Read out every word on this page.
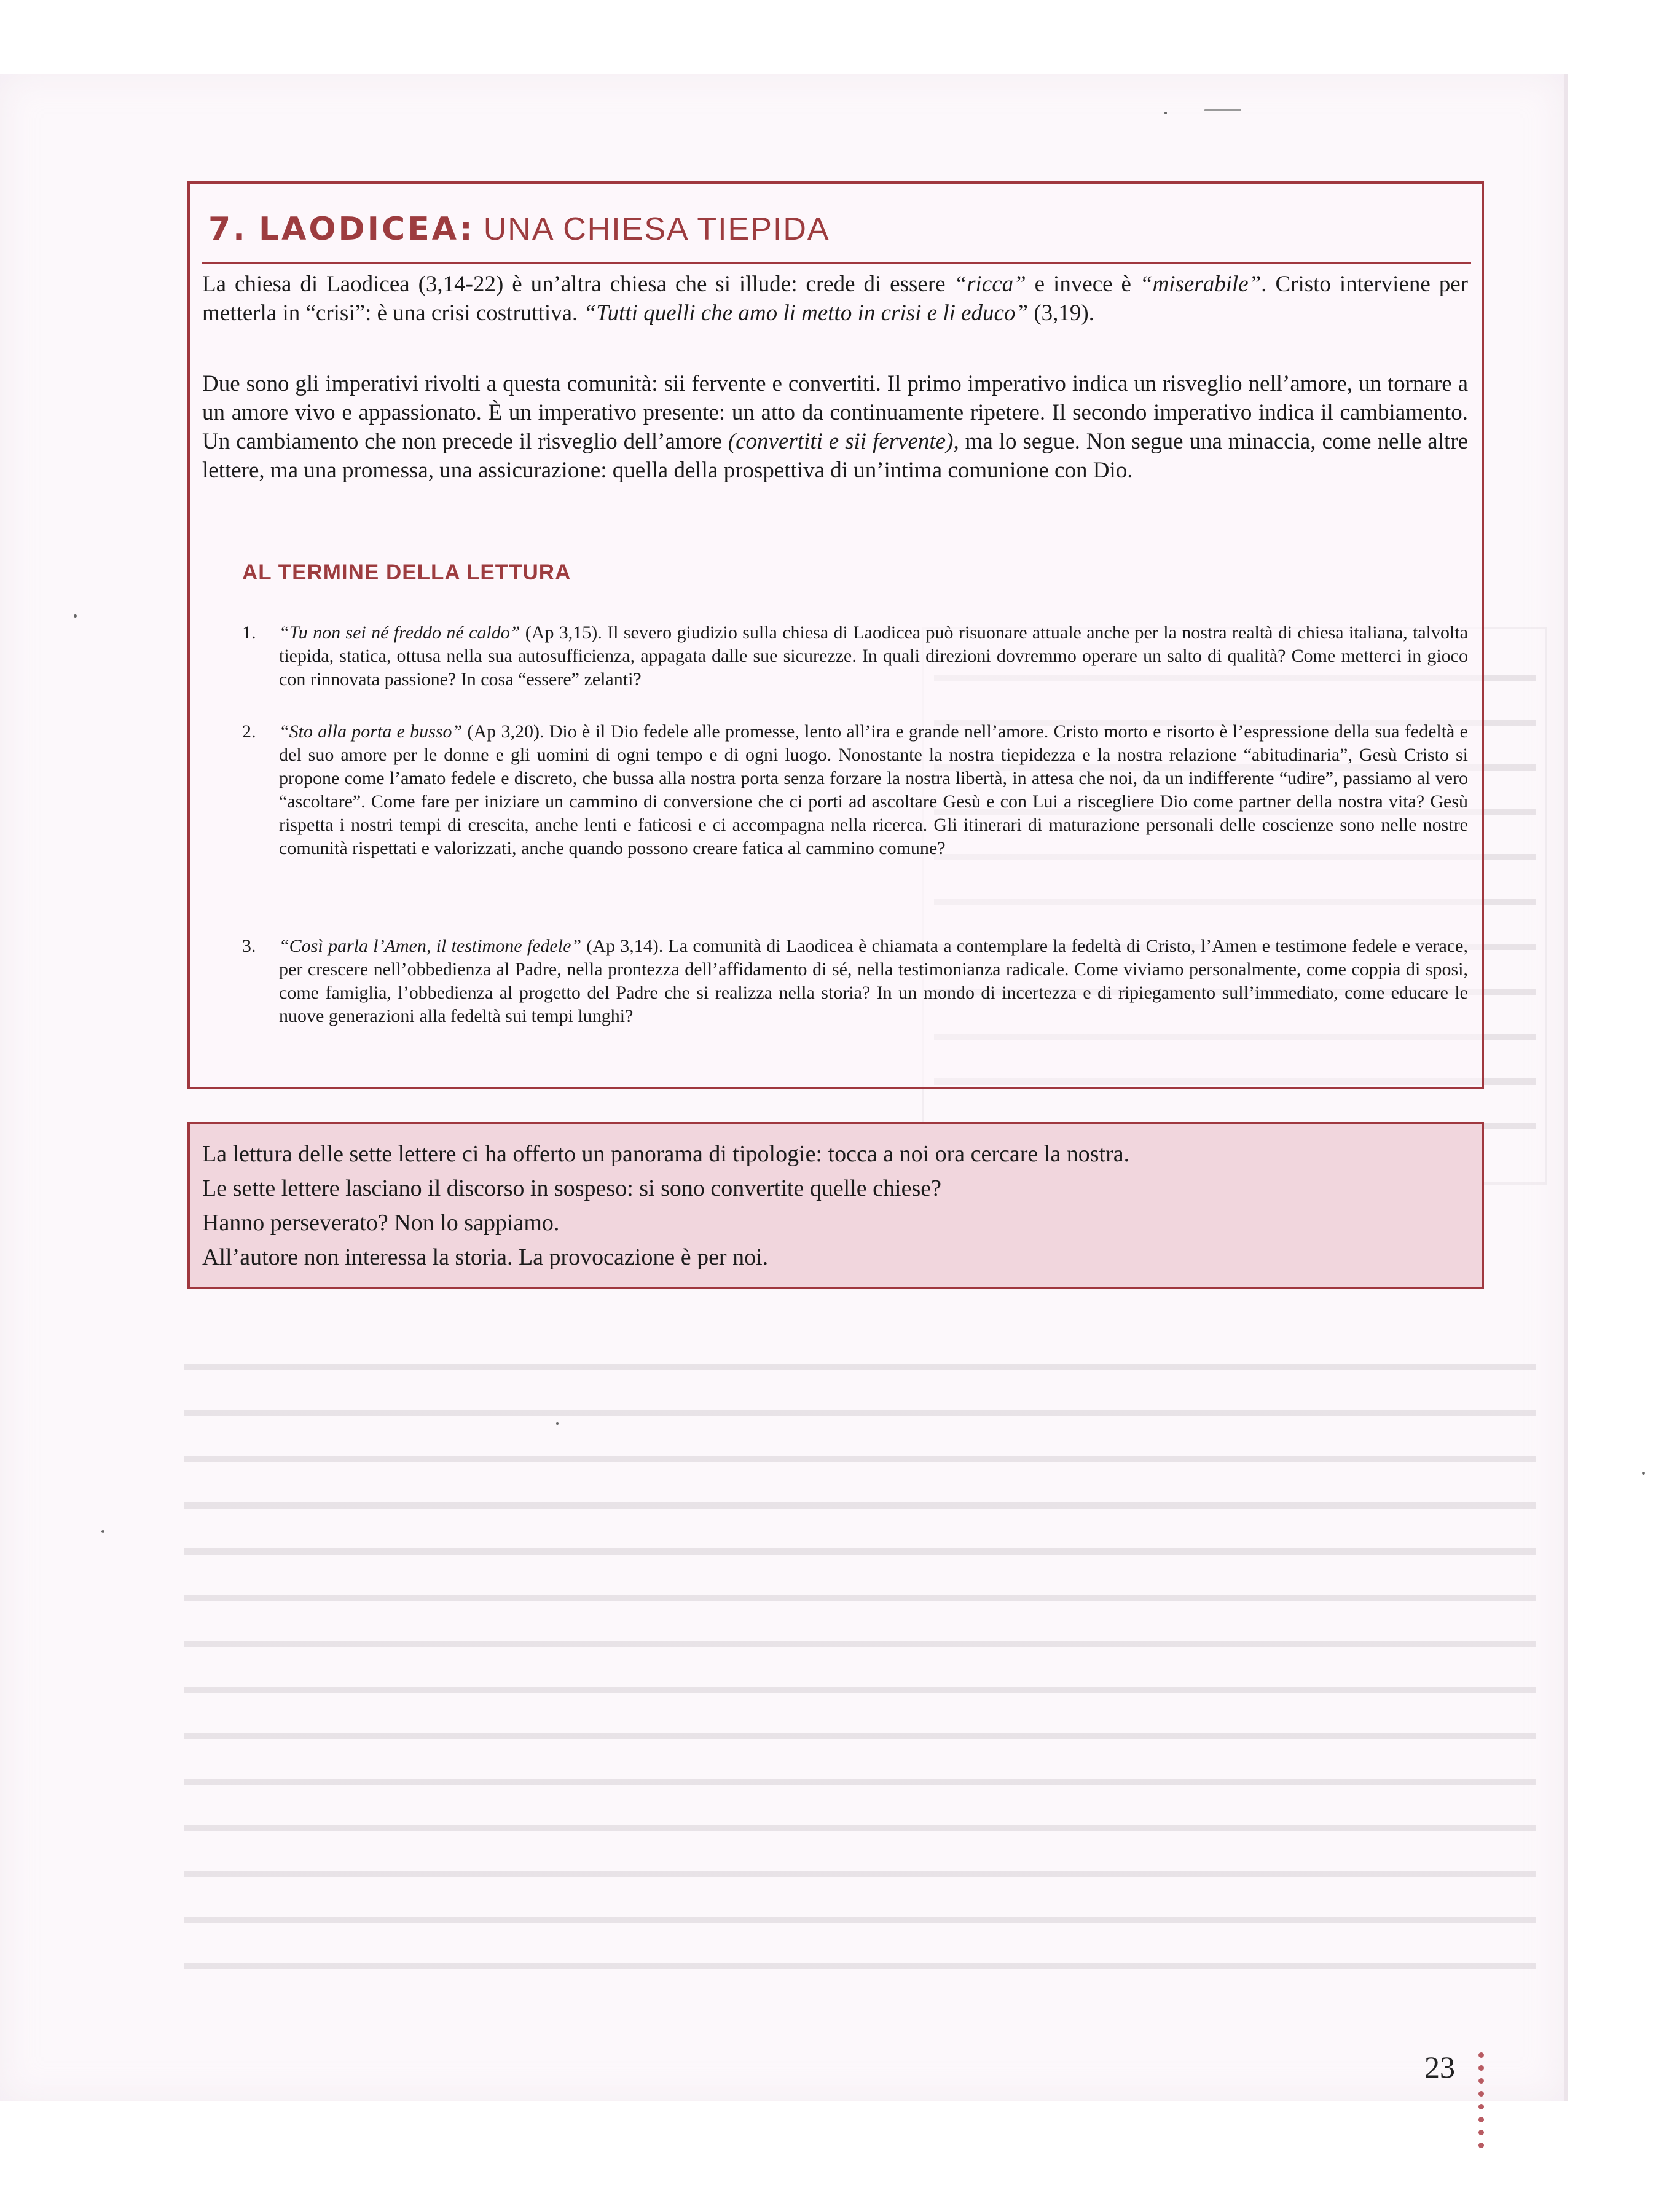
7. LAODICEA: UNA CHIESA TIEPIDA

La chiesa di Laodicea (3,14-22) è un’altra chiesa che si illude: crede di essere “ricca” e invece è “miserabile”. Cristo interviene per metterla in “crisi”: è una crisi costruttiva. “Tutti quelli che amo li metto in crisi e li educo” (3,19).

Due sono gli imperativi rivolti a questa comunità: sii fervente e convertiti. Il primo imperativo indica un risveglio nell’amore, un tornare a un amore vivo e appassionato. È un imperativo presente: un atto da continuamente ripetere. Il secondo imperativo indica il cambiamento. Un cambiamento che non precede il risveglio dell’amore (convertiti e sii fervente), ma lo segue. Non segue una minaccia, come nelle altre lettere, ma una promessa, una assicurazione: quella della prospettiva di un’intima comunione con Dio.

AL TERMINE DELLA LETTURA
1.	“Tu non sei né freddo né caldo” (Ap 3,15). Il severo giudizio sulla chiesa di Laodicea può risuonare attuale anche per la nostra realtà di chiesa italiana, talvolta tiepida, statica, ottusa nella sua autosufficienza, appagata dalle sue sicurezze. In quali direzioni dovremmo operare un salto di qualità? Come metterci in gioco con rinnovata passione? In cosa “essere” zelanti?
2.	“Sto alla porta e busso” (Ap 3,20). Dio è il Dio fedele alle promesse, lento all’ira e grande nell’amore. Cristo morto e risorto è l’espressione della sua fedeltà e del suo amore per le donne e gli uomini di ogni tempo e di ogni luogo. Nonostante la nostra tiepidezza e la nostra relazione “abitudinaria”, Gesù Cristo si propone come l’amato fedele e discreto, che bussa alla nostra porta senza forzare la nostra libertà, in attesa che noi, da un indifferente “udire”, passiamo al vero “ascoltare”. Come fare per iniziare un cammino di conversione che ci porti ad ascoltare Gesù e con Lui a riscegliere Dio come partner della nostra vita? Gesù rispetta i nostri tempi di crescita, anche lenti e faticosi e ci accompagna nella ricerca. Gli itinerari di maturazione personali delle coscienze sono nelle nostre comunità rispettati e valorizzati, anche quando possono creare fatica al cammino comune?
3.	“Così parla l’Amen, il testimone fedele” (Ap 3,14). La comunità di Laodicea è chiamata a contemplare la fedeltà di Cristo, l’Amen e testimone fedele e verace, per crescere nell’obbedienza al Padre, nella prontezza dell’affidamento di sé, nella testimonianza radicale. Come viviamo personalmente, come coppia di sposi, come famiglia, l’obbedienza al progetto del Padre che si realizza nella storia? In un mondo di incertezza e di ripiegamento sull’immediato, come educare le nuove generazioni alla fedeltà sui tempi lunghi?
La lettura delle sette lettere ci ha offerto un panorama di tipologie: tocca a noi ora cercare la nostra.
Le sette lettere lasciano il discorso in sospeso: si sono convertite quelle chiese?
Hanno perseverato? Non lo sappiamo.
All’autore non interessa la storia. La provocazione è per noi.
23
